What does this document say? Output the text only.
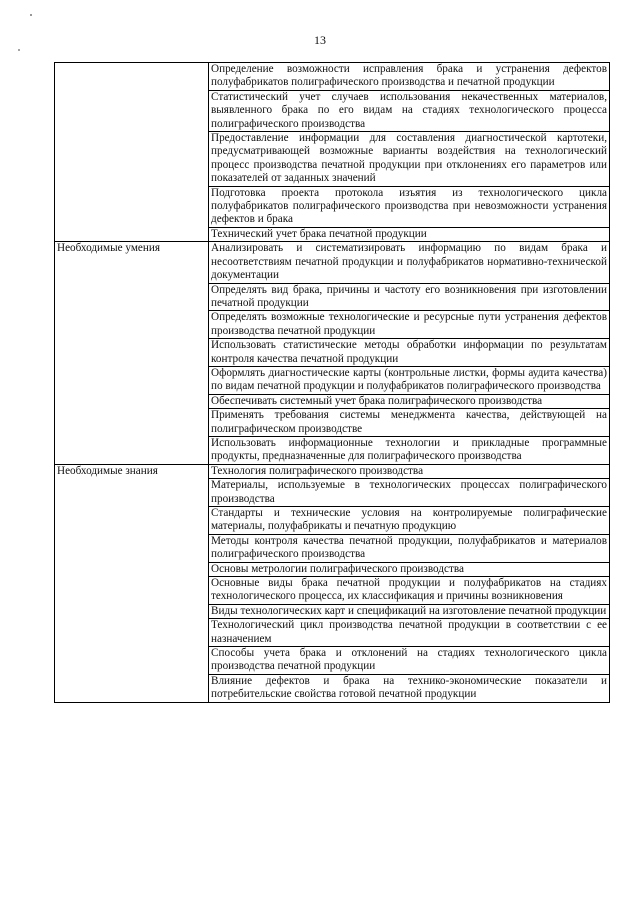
13
	Определение возможности исправления брака и устранения дефектов полуфабрикатов полиграфического производства и печатной продукции
	Статистический учет случаев использования некачественных материалов, выявленного брака по его видам на стадиях технологического процесса полиграфического производства
	Предоставление информации для составления диагностической картотеки, предусматривающей возможные варианты воздействия на технологический процесс производства печатной продукции при отклонениях его параметров или показателей от заданных значений
	Подготовка проекта протокола изъятия из технологического цикла полуфабрикатов полиграфического производства при невозможности устранения дефектов и брака
	Технический учет брака печатной продукции
Необходимые умения	Анализировать и систематизировать информацию по видам брака и несоответствиям печатной продукции и полуфабрикатов нормативно-технической документации
	Определять вид брака, причины и частоту его возникновения при изготовлении печатной продукции
	Определять возможные технологические и ресурсные пути устранения дефектов производства печатной продукции
	Использовать статистические методы обработки информации по результатам контроля качества печатной продукции
	Оформлять диагностические карты (контрольные листки, формы аудита качества) по видам печатной продукции и полуфабрикатов полиграфического производства
	Обеспечивать системный учет брака полиграфического производства
	Применять требования системы менеджмента качества, действующей на полиграфическом производстве
	Использовать информационные технологии и прикладные программные продукты, предназначенные для полиграфического производства
Необходимые знания	Технология полиграфического производства
	Материалы, используемые в технологических процессах полиграфического производства
	Стандарты и технические условия на контролируемые полиграфические материалы, полуфабрикаты и печатную продукцию
	Методы контроля качества печатной продукции, полуфабрикатов и материалов полиграфического производства
	Основы метрологии полиграфического производства
	Основные виды брака печатной продукции и полуфабрикатов на стадиях технологического процесса, их классификация и причины возникновения
	Виды технологических карт и спецификаций на изготовление печатной продукции
	Технологический цикл производства печатной продукции в соответствии с ее назначением
	Способы учета брака и отклонений на стадиях технологического цикла производства печатной продукции
	Влияние дефектов и брака на технико-экономические показатели и потребительские свойства готовой печатной продукции
